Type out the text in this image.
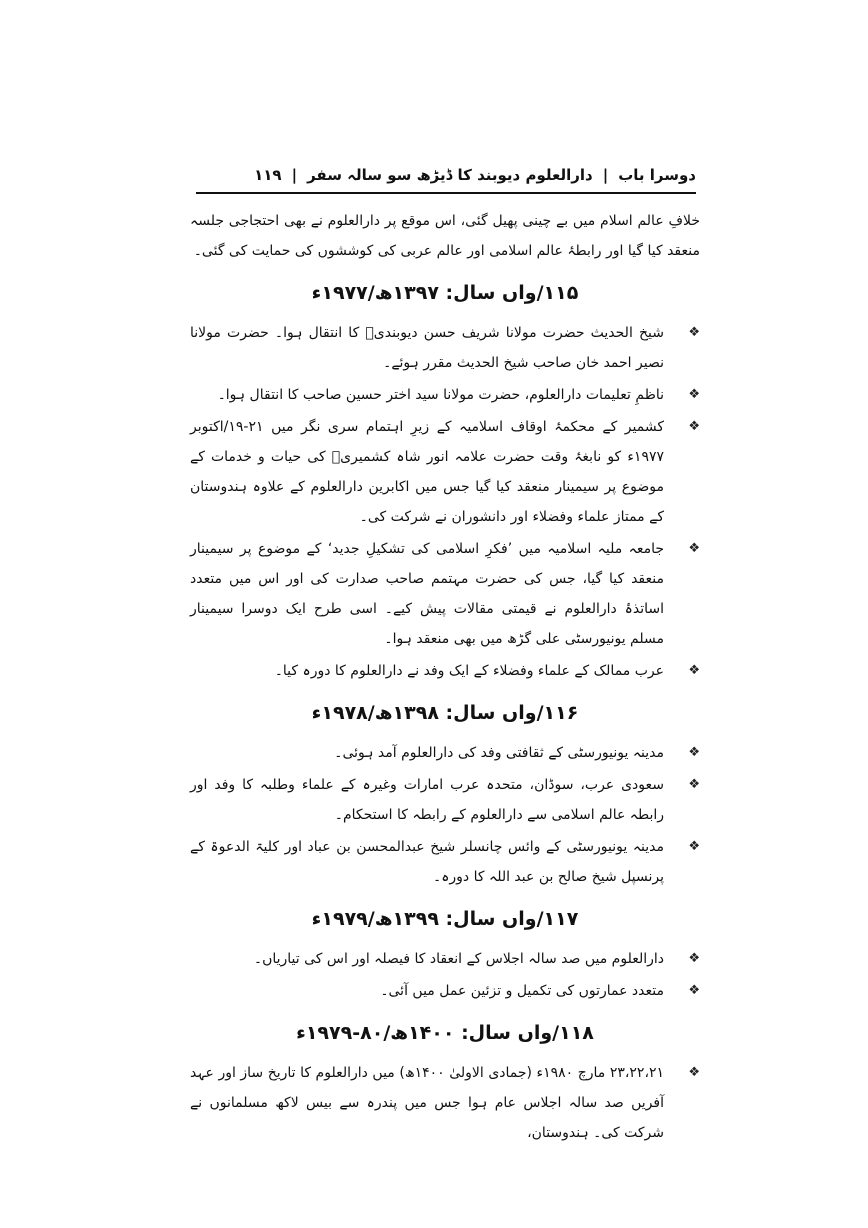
دوسرا باب
|
دارالعلوم دیوبند کا ڈیڑھ سو سالہ سفر
|
۱۱۹

خلافِ عالم اسلام میں بے چینی پھیل گئی، اس موقع پر دارالعلوم نے بھی احتجاجی جلسہ منعقد کیا گیا اور رابطۂ عالم اسلامی اور عالم عربی کی کوششوں کی حمایت کی گئی۔

۱۱۵/واں سال: ۱۳۹۷ھ/۱۹۷۷ء
❖
شیخ الحدیث حضرت مولانا شریف حسن دیوبندیؒ کا انتقال ہوا۔ حضرت مولانا نصیر احمد خان صاحب شیخ الحدیث مقرر ہوئے۔
❖
ناظمِ تعلیمات دارالعلوم، حضرت مولانا سید اختر حسین صاحب کا انتقال ہوا۔
❖
کشمیر کے محکمۂ اوقاف اسلامیہ کے زیرِ اہتمام سری نگر میں ۲۱-۱۹/اکتوبر ۱۹۷۷ء کو نابغۂ وقت حضرت علامہ انور شاہ کشمیریؒ کی حیات و خدمات کے موضوع پر سیمینار منعقد کیا گیا جس میں اکابرین دارالعلوم کے علاوہ ہندوستان کے ممتاز علماء وفضلاء اور دانشوران نے شرکت کی۔
❖
جامعہ ملیہ اسلامیہ میں ’فکرِ اسلامی کی تشکیلِ جدید‘ کے موضوع پر سیمینار منعقد کیا گیا، جس کی حضرت مہتمم صاحب صدارت کی اور اس میں متعدد اساتذۂ دارالعلوم نے قیمتی مقالات پیش کیے۔ اسی طرح ایک دوسرا سیمینار مسلم یونیورسٹی علی گڑھ میں بھی منعقد ہوا۔
❖
عرب ممالک کے علماء وفضلاء کے ایک وفد نے دارالعلوم کا دورہ کیا۔
۱۱۶/واں سال: ۱۳۹۸ھ/۱۹۷۸ء
❖
مدینہ یونیورسٹی کے ثقافتی وفد کی دارالعلوم آمد ہوئی۔
❖
سعودی عرب، سوڈان، متحدہ عرب امارات وغیرہ کے علماء وطلبہ کا وفد اور رابطہ عالم اسلامی سے دارالعلوم کے رابطہ کا استحکام۔
❖
مدینہ یونیورسٹی کے وائس چانسلر شیخ عبدالمحسن بن عباد اور کلیۃ الدعوۃ کے پرنسپل شیخ صالح بن عبد اللہ کا دورہ۔
۱۱۷/واں سال: ۱۳۹۹ھ/۱۹۷۹ء
❖
دارالعلوم میں صد سالہ اجلاس کے انعقاد کا فیصلہ اور اس کی تیاریاں۔
❖
متعدد عمارتوں کی تکمیل و تزئین عمل میں آئی۔
۱۱۸/واں سال: ۱۴۰۰ھ/۸۰-۱۹۷۹ء
❖
۲۳،۲۲،۲۱ مارچ ۱۹۸۰ء (جمادی الاولیٰ ۱۴۰۰ھ) میں دارالعلوم کا تاریخ ساز اور عہد آفریں صد سالہ اجلاس عام ہوا جس میں پندرہ سے بیس لاکھ مسلمانوں نے شرکت کی۔ ہندوستان،
